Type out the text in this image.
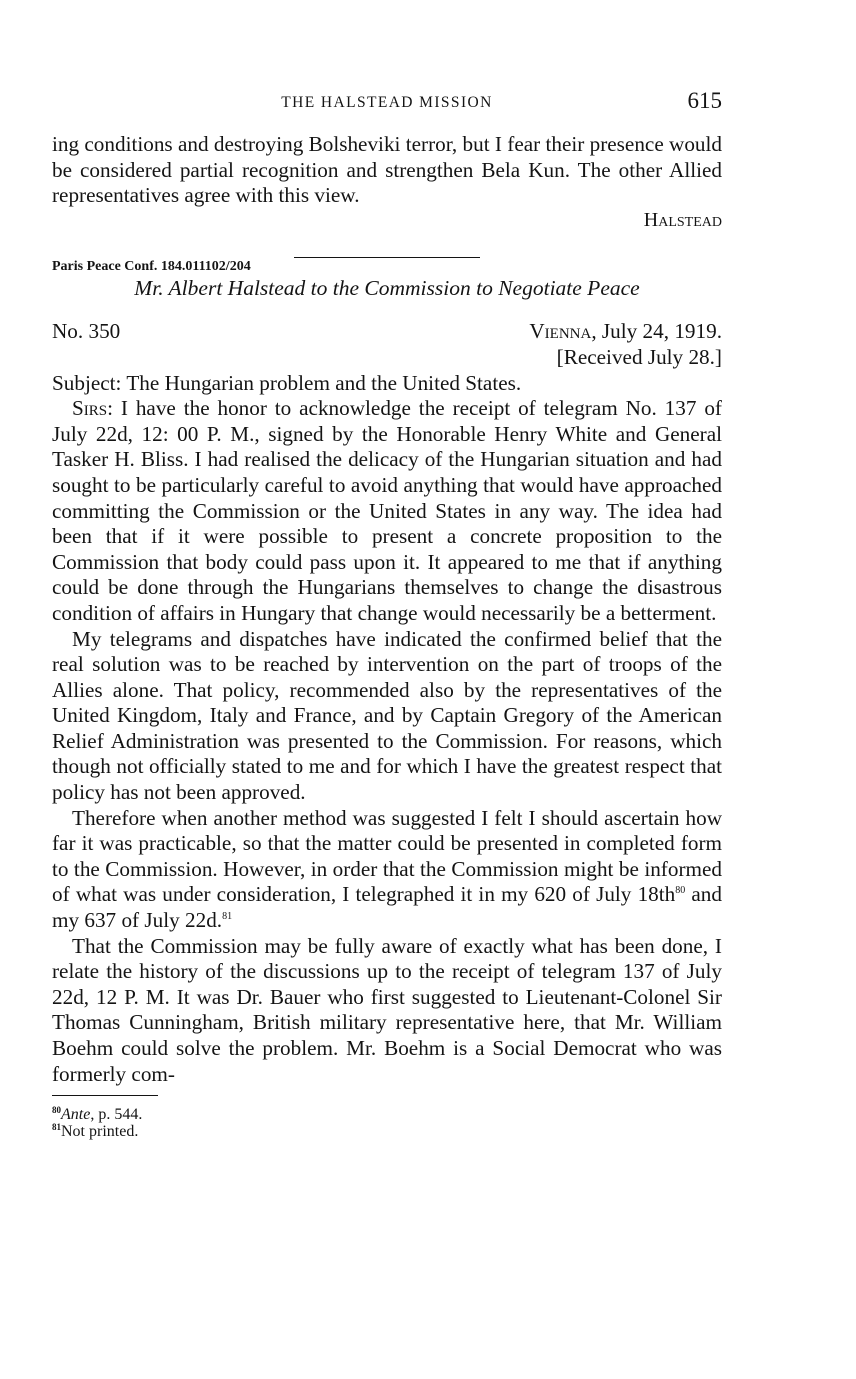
THE HALSTEAD MISSION	615

ing conditions and destroying Bolsheviki terror, but I fear their presence would be considered partial recognition and strengthen Bela Kun. The other Allied representatives agree with this view.

Halstead

Paris Peace Conf. 184.011102/204

Mr. Albert Halstead to the Commission to Negotiate Peace

No. 350	Vienna, July 24, 1919.

[Received July 28.]

Subject: The Hungarian problem and the United States.

Sirs: I have the honor to acknowledge the receipt of telegram No. 137 of July 22d, 12: 00 P. M., signed by the Honorable Henry White and General Tasker H. Bliss. I had realised the delicacy of the Hungarian situation and had sought to be particularly careful to avoid anything that would have approached committing the Commission or the United States in any way. The idea had been that if it were possible to present a concrete proposition to the Commission that body could pass upon it. It appeared to me that if anything could be done through the Hungarians themselves to change the disastrous condition of affairs in Hungary that change would necessarily be a betterment.

My telegrams and dispatches have indicated the confirmed belief that the real solution was to be reached by intervention on the part of troops of the Allies alone. That policy, recommended also by the representatives of the United Kingdom, Italy and France, and by Captain Gregory of the American Relief Administration was presented to the Commission. For reasons, which though not officially stated to me and for which I have the greatest respect that policy has not been approved.

Therefore when another method was suggested I felt I should ascertain how far it was practicable, so that the matter could be presented in completed form to the Commission. However, in order that the Commission might be informed of what was under consideration, I telegraphed it in my 620 of July $18th^{80}$ and my 637 of July 22d.$^{81}$

That the Commission may be fully aware of exactly what has been done, I relate the history of the discussions up to the receipt of telegram 137 of July 22d, 12 P. M. It was Dr. Bauer who first suggested to Lieutenant-Colonel Sir Thomas Cunningham, British military representative here, that Mr. William Boehm could solve the problem. Mr. Boehm is a Social Democrat who was formerly com-

$^{80}$Ante, p. 544.
$^{81}$Not printed.
